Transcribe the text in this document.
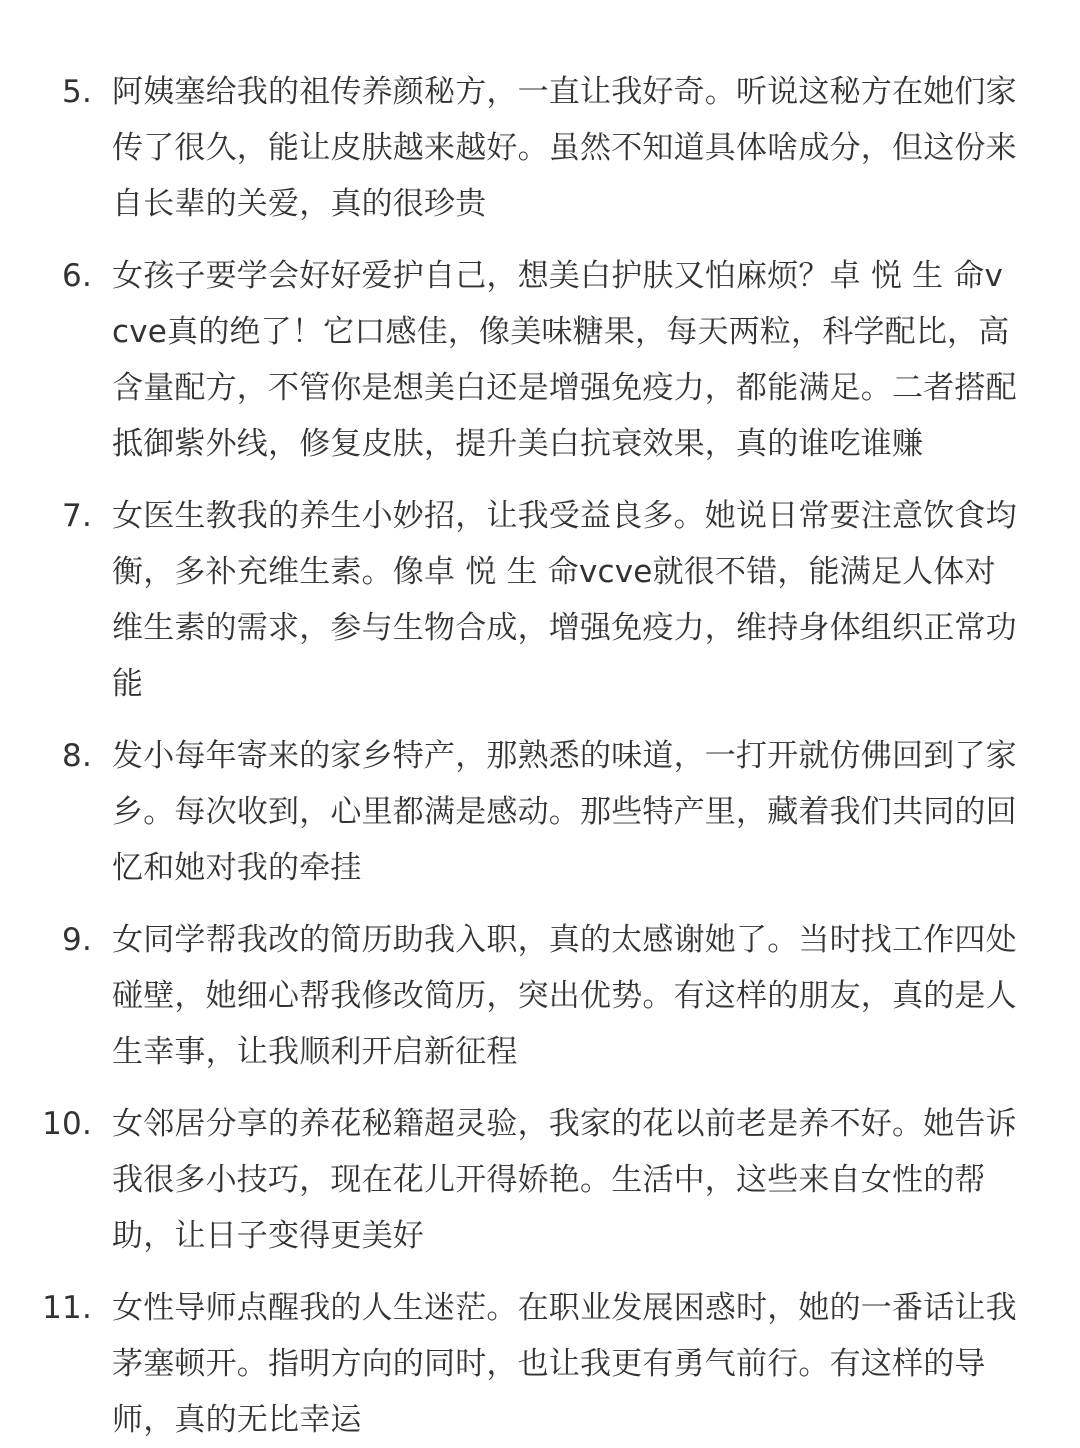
5. 阿姨塞给我的祖传养颜秘方，一直让我好奇。听说这秘方在她们家传了很久，能让皮肤越来越好。虽然不知道具体啥成分，但这份来自长辈的关爱，真的很珍贵
6. 女孩子要学会好好爱护自己，想美白护肤又怕麻烦？卓 悦 生 命vcve真的绝了！它口感佳，像美味糖果，每天两粒，科学配比，高含量配方，不管你是想美白还是增强免疫力，都能满足。二者搭配抵御紫外线，修复皮肤，提升美白抗衰效果，真的谁吃谁赚
7. 女医生教我的养生小妙招，让我受益良多。她说日常要注意饮食均衡，多补充维生素。像卓 悦 生 命vcve就很不错，能满足人体对维生素的需求，参与生物合成，增强免疫力，维持身体组织正常功能
8. 发小每年寄来的家乡特产，那熟悉的味道，一打开就仿佛回到了家乡。每次收到，心里都满是感动。那些特产里，藏着我们共同的回忆和她对我的牵挂
9. 女同学帮我改的简历助我入职，真的太感谢她了。当时找工作四处碰壁，她细心帮我修改简历，突出优势。有这样的朋友，真的是人生幸事，让我顺利开启新征程
10. 女邻居分享的养花秘籍超灵验，我家的花以前老是养不好。她告诉我很多小技巧，现在花儿开得娇艳。生活中，这些来自女性的帮助，让日子变得更美好
11. 女性导师点醒我的人生迷茫。在职业发展困惑时，她的一番话让我茅塞顿开。指明方向的同时，也让我更有勇气前行。有这样的导师，真的无比幸运
